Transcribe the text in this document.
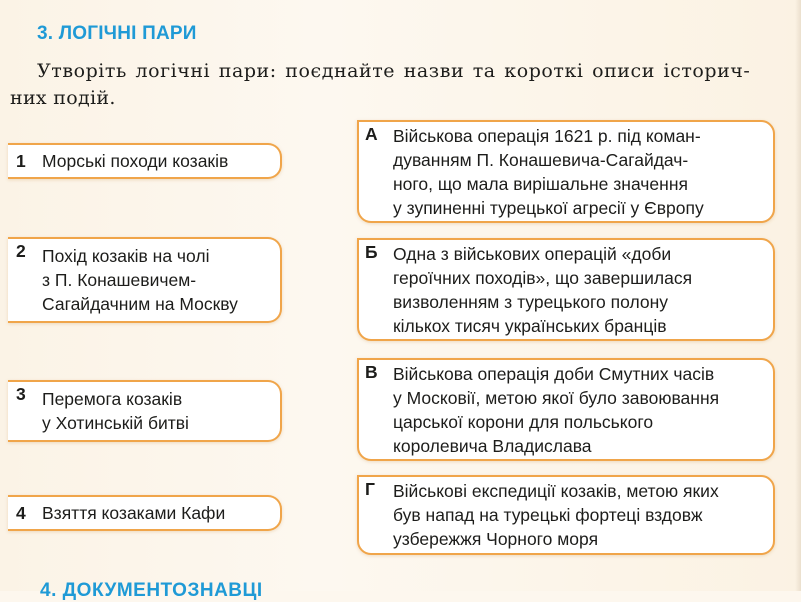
3. ЛОГІЧНІ ПАРИ
Утворіть логічні пари: поєднайте назви та короткі описи історич-
них подій.
1 Морські походи козаків
2 Похід козаків на чолі
з П. Конашевичем-
Сагайдачним на Москву
3 Перемога козаків
у Хотинській битві
4 Взяття козаками Кафи
А Військова операція 1621 р. під коман-
дуванням П. Конашевича-Сагайдач-
ного, що мала вирішальне значення
у зупиненні турецької агресії у Європу
Б Одна з військових операцій «доби
героїчних походів», що завершилася
визволенням з турецького полону
кількох тисяч українських бранців
В Військова операція доби Смутних часів
у Московії, метою якої було завоювання
царської корони для польського
королевича Владислава
Г	Військові експедиції козаків, метою яких
був напад на турецькі фортеці вздовж
узбережжя Чорного моря
4. ДОКУМЕНТОЗНАВЦІ
